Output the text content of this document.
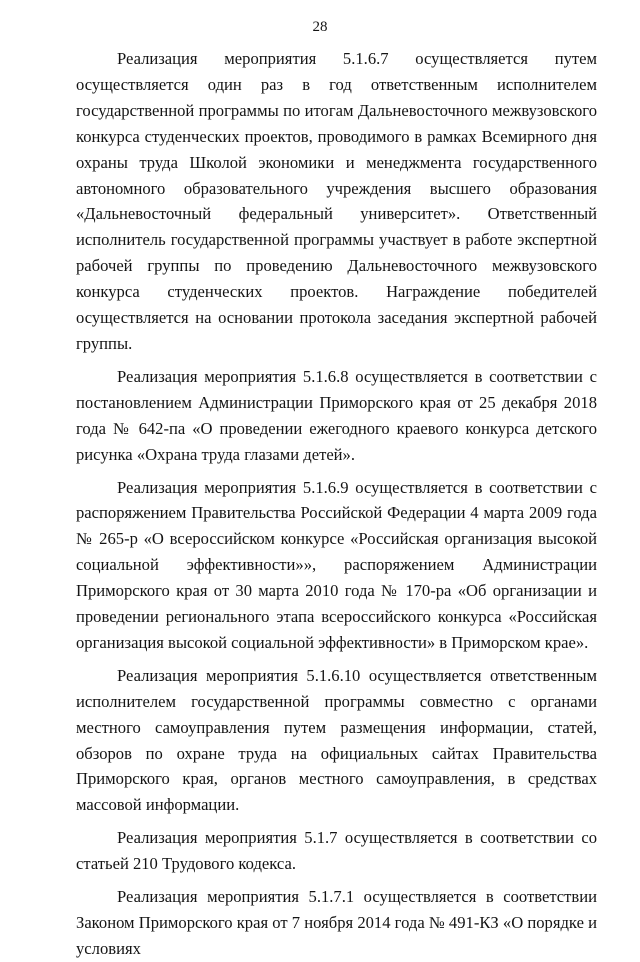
28

Реализация мероприятия 5.1.6.7 осуществляется путем осуществляется один раз в год ответственным исполнителем государственной программы по итогам Дальневосточного межвузовского конкурса студенческих проектов, проводимого в рамках Всемирного дня охраны труда Школой экономики и менеджмента государственного автономного образовательного учреждения высшего образования «Дальневосточный федеральный университет». Ответственный исполнитель государственной программы участвует в работе экспертной рабочей группы по проведению Дальневосточного межвузовского конкурса студенческих проектов. Награждение победителей осуществляется на основании протокола заседания экспертной рабочей группы.

Реализация мероприятия 5.1.6.8 осуществляется в соответствии с постановлением Администрации Приморского края от 25 декабря 2018 года № 642-па «О проведении ежегодного краевого конкурса детского рисунка «Охрана труда глазами детей».

Реализация мероприятия 5.1.6.9 осуществляется в соответствии с распоряжением Правительства Российской Федерации 4 марта 2009 года № 265-р «О всероссийском конкурсе «Российская организация высокой социальной эффективности»», распоряжением Администрации Приморского края от 30 марта 2010 года № 170-ра «Об организации и проведении регионального этапа всероссийского конкурса «Российская организация высокой социальной эффективности» в Приморском крае».

Реализация мероприятия 5.1.6.10 осуществляется ответственным исполнителем государственной программы совместно с органами местного самоуправления путем размещения информации, статей, обзоров по охране труда на официальных сайтах Правительства Приморского края, органов местного самоуправления, в средствах массовой информации.

Реализация мероприятия 5.1.7 осуществляется в соответствии со статьей 210 Трудового кодекса.

Реализация мероприятия 5.1.7.1 осуществляется в соответствии Законом Приморского края от 7 ноября 2014 года № 491-КЗ «О порядке и условиях
